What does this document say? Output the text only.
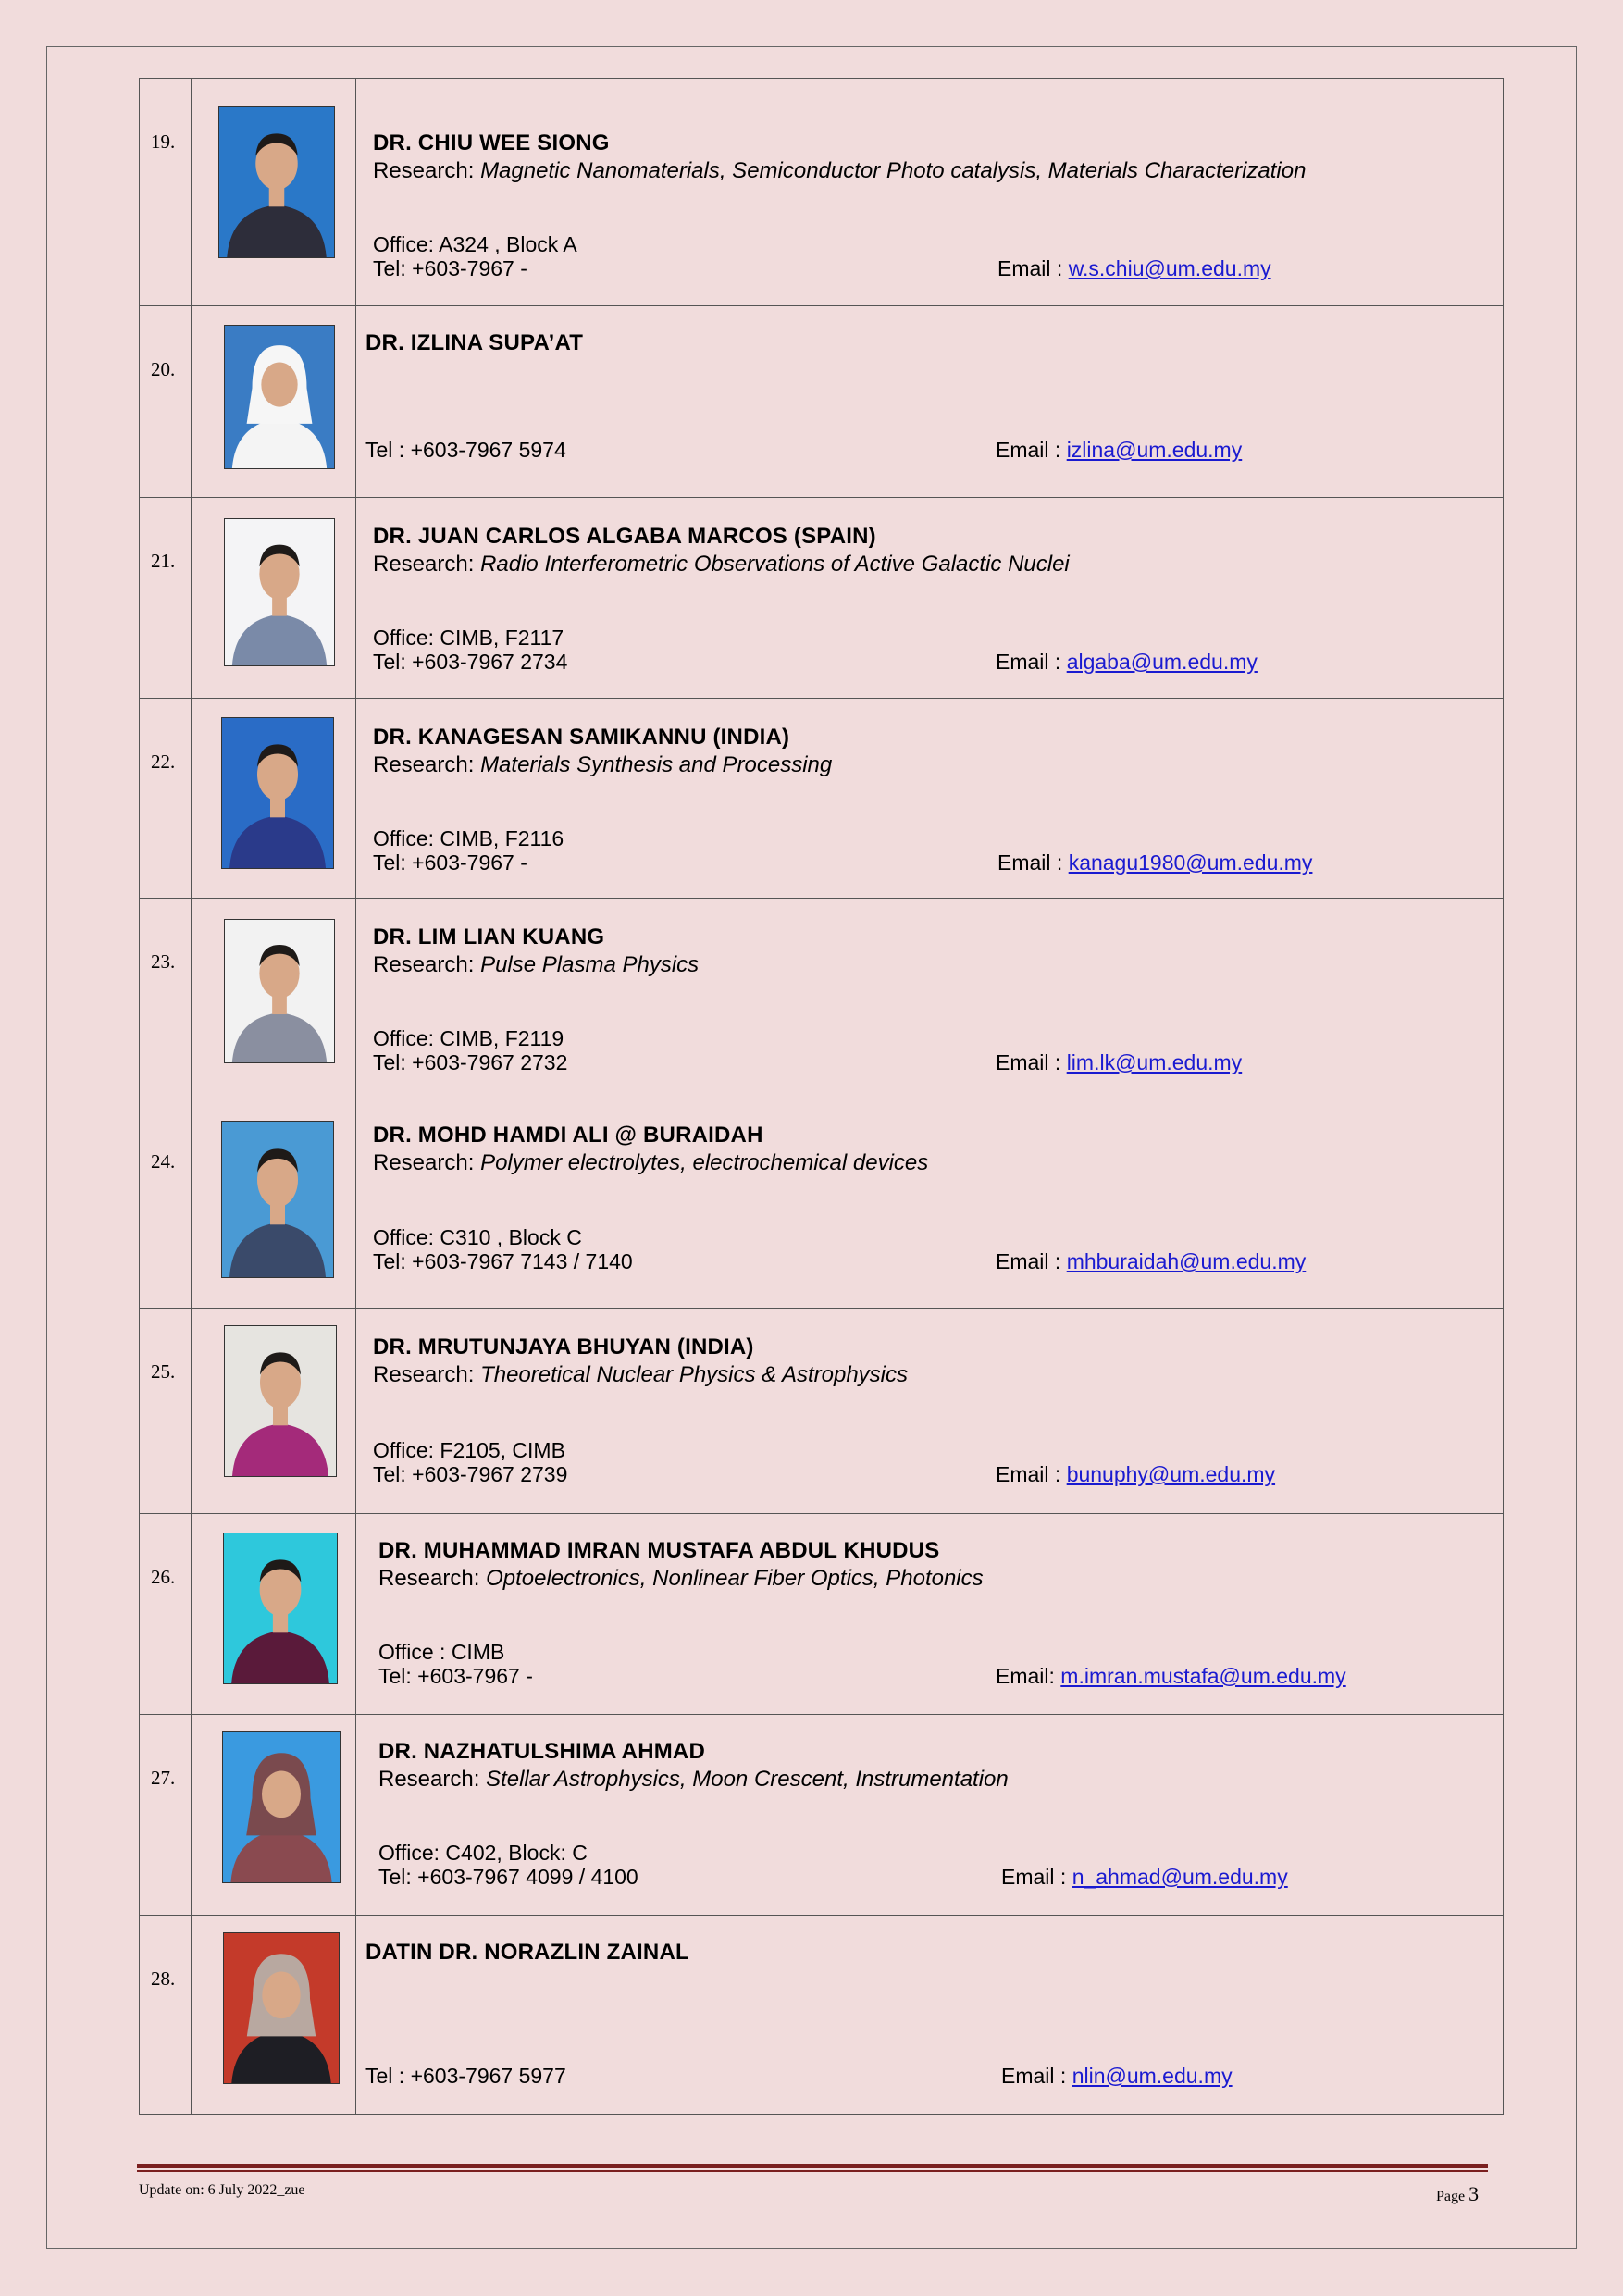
19.		DR. CHIU WEE SIONG
Research: Magnetic Nanomaterials, Semiconductor Photo catalysis, Materials Characterization
Office: A324 , Block A
Tel: +603-7967 - Email : w.s.chiu@um.edu.my

20.		DR. IZLINA SUPA’AT
Tel : +603-7967 5974 Email : izlina@um.edu.my

21.		DR. JUAN CARLOS ALGABA MARCOS (SPAIN)
Research: Radio Interferometric Observations of Active Galactic Nuclei
Office: CIMB, F2117
Tel: +603-7967 2734 Email : algaba@um.edu.my

22.		DR. KANAGESAN SAMIKANNU (INDIA)
Research: Materials Synthesis and Processing
Office: CIMB, F2116
Tel: +603-7967 - Email : kanagu1980@um.edu.my

23.		DR. LIM LIAN KUANG
Research: Pulse Plasma Physics
Office: CIMB, F2119
Tel: +603-7967 2732 Email : lim.lk@um.edu.my

24.		DR. MOHD HAMDI ALI @ BURAIDAH
Research: Polymer electrolytes, electrochemical devices
Office: C310 , Block C
Tel: +603-7967 7143 / 7140 Email : mhburaidah@um.edu.my

25.		DR. MRUTUNJAYA BHUYAN (INDIA)
Research: Theoretical Nuclear Physics & Astrophysics
Office: F2105, CIMB
Tel: +603-7967 2739 Email : bunuphy@um.edu.my

26.		DR. MUHAMMAD IMRAN MUSTAFA ABDUL KHUDUS
Research: Optoelectronics, Nonlinear Fiber Optics, Photonics
Office : CIMB
Tel: +603-7967 - Email: m.imran.mustafa@um.edu.my

27.		DR. NAZHATULSHIMA AHMAD
Research: Stellar Astrophysics, Moon Crescent, Instrumentation
Office: C402, Block: C
Tel: +603-7967 4099 / 4100 Email : n_ahmad@um.edu.my

28.		DATIN DR. NORAZLIN ZAINAL
Tel : +603-7967 5977 Email : nlin@um.edu.my
Update on: 6 July 2022_zue	Page 3
